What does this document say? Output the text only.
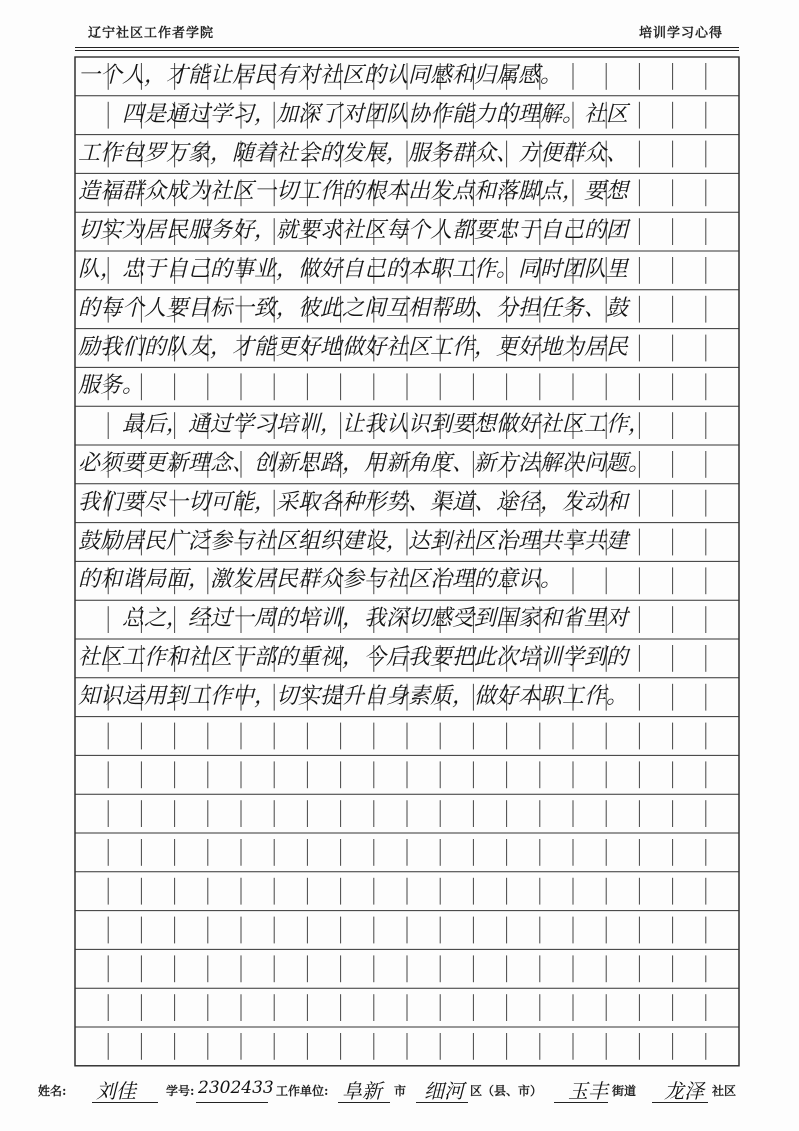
辽宁社区工作者学院	培训学习心得
一个人，才能让居民有对社区的认同感和归属感。
　　四是通过学习，加深了对团队协作能力的理解。社区
工作包罗万象，随着社会的发展，服务群众、方便群众、
造福群众成为社区一切工作的根本出发点和落脚点，要想
切实为居民服务好，就要求社区每个人都要忠于自己的团
队，忠于自己的事业，做好自己的本职工作。同时团队里
的每个人要目标一致，彼此之间互相帮助、分担任务、鼓
励我们的队友，才能更好地做好社区工作，更好地为居民
服务。
　　最后，通过学习培训，让我认识到要想做好社区工作，
必须要更新理念、创新思路，用新角度、新方法解决问题。
我们要尽一切可能，采取各种形势、渠道、途径，发动和
鼓励居民广泛参与社区组织建设，达到社区治理共享共建
的和谐局面，激发居民群众参与社区治理的意识。
　　总之，经过一周的培训，我深切感受到国家和省里对
社区工作和社区干部的重视，今后我要把此次培训学到的
知识运用到工作中，切实提升自身素质，做好本职工作。
姓名: 刘佳	学号: 2302433 工作单位: 阜新 市 细河 区（县、市） 玉丰 街道 龙泽 社区
